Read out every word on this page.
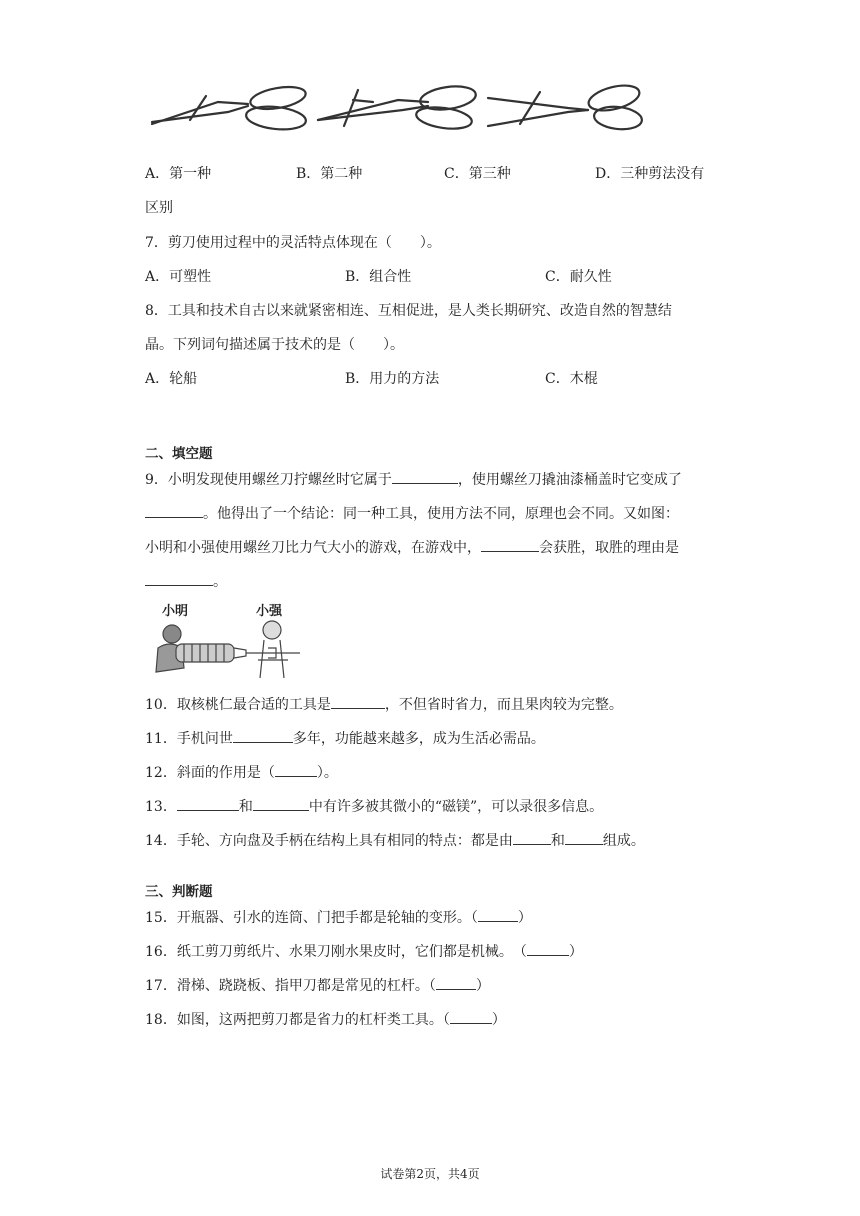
A．第一种	B．第二种	C．第三种	D．三种剪法没有
区别
7．剪刀使用过程中的灵活特点体现在（　　）。
A．可塑性	B．组合性	C．耐久性
8．工具和技术自古以来就紧密相连、互相促进，是人类长期研究、改造自然的智慧结
晶。下列词句描述属于技术的是（　　）。
A．轮船	B．用力的方法	C．木棍
二、填空题
9．小明发现使用螺丝刀拧螺丝时它属于	，使用螺丝刀撬油漆桶盖时它变成了
。他得出了一个结论：同一种工具，使用方法不同，原理也会不同。又如图：
小明和小强使用螺丝刀比力气大小的游戏，在游戏中，	会获胜，取胜的理由是
。
小明	小强
10．取核桃仁最合适的工具是	，不但省时省力，而且果肉较为完整。
11．手机问世	多年，功能越来越多，成为生活必需品。
12．斜面的作用是（	）。
13．	和	中有许多被其微小的“磁镁”，可以录很多信息。
14．手轮、方向盘及手柄在结构上具有相同的特点：都是由	和	组成。
三、判断题
15．开瓶器、引水的连筒、门把手都是轮轴的变形。（	）
16．纸工剪刀剪纸片、水果刀刚水果皮时，它们都是机械。　（	）
17．滑梯、跷跷板、指甲刀都是常见的杠杆。（	）
18．如图，这两把剪刀都是省力的杠杆类工具。（	）
试卷第2页，共4页
